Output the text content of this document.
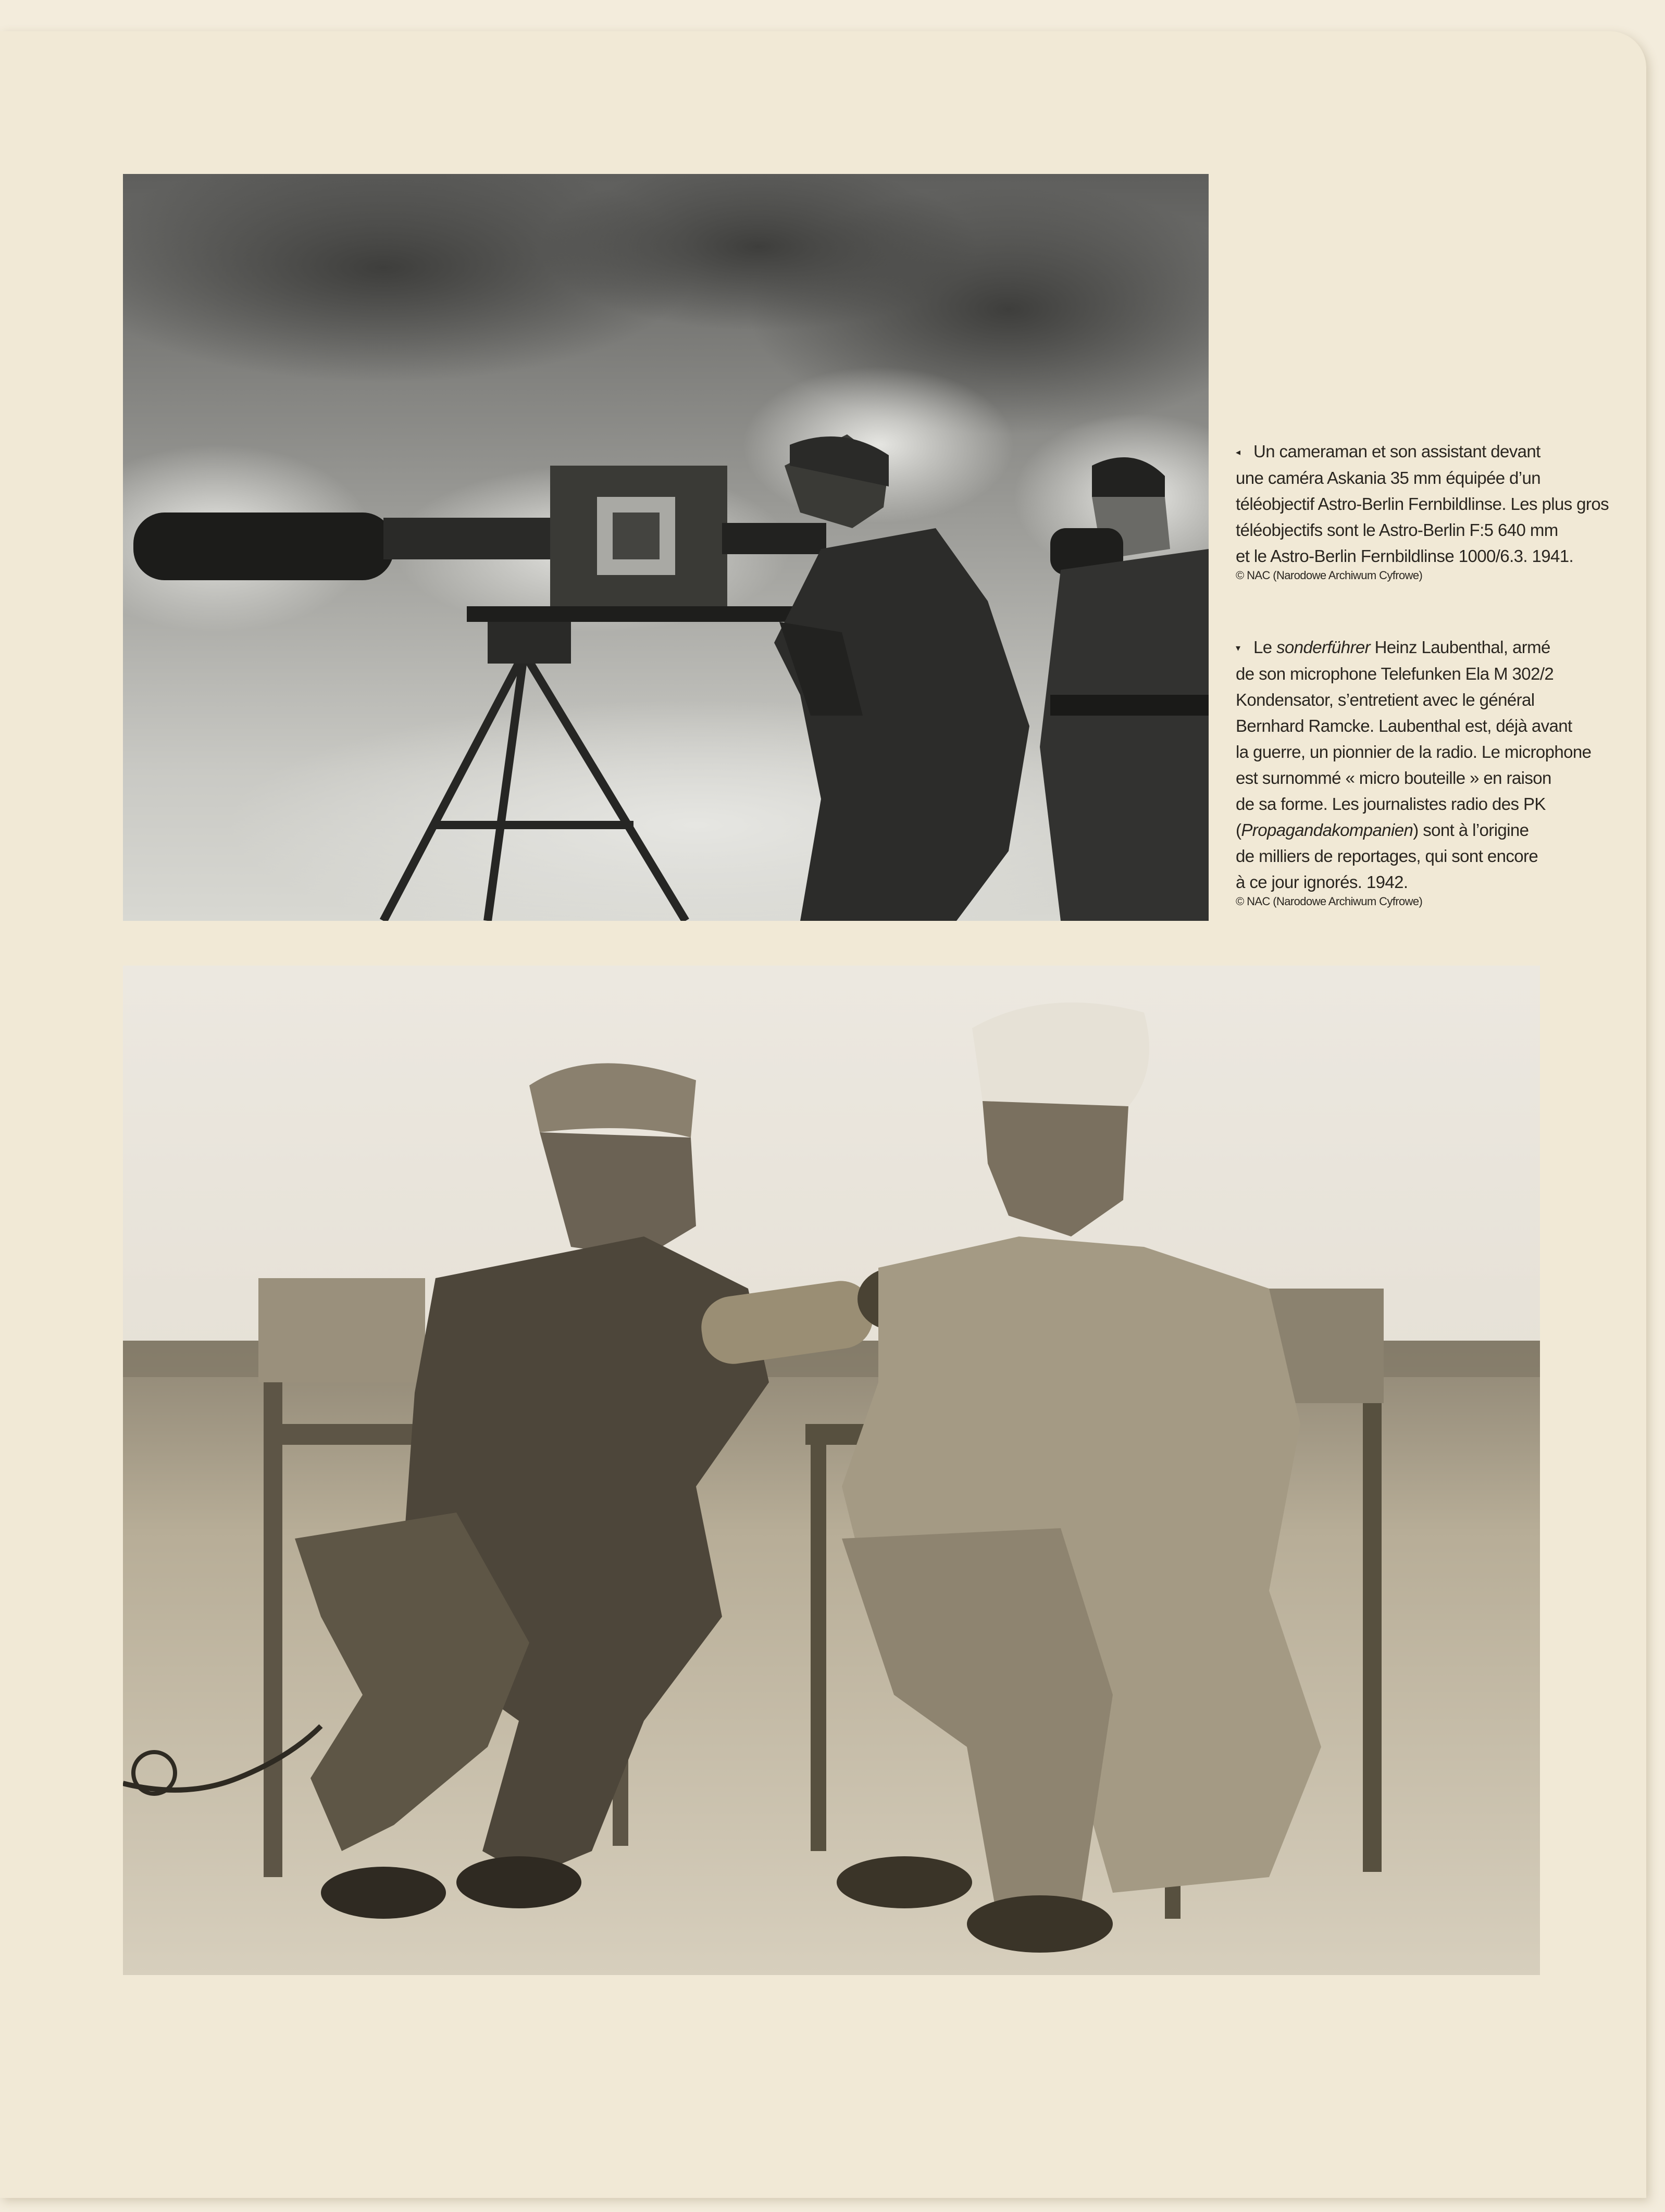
◂ Un cameraman et son assistant devant
une caméra Askania 35 mm équipée d’un
téléobjectif Astro-Berlin Fernbildlinse. Les plus gros
téléobjectifs sont le Astro-Berlin F:5 640 mm
et le Astro-Berlin Fernbildlinse 1000/6.3. 1941.
© NAC (Narodowe Archiwum Cyfrowe)
▾ Le sonderführer Heinz Laubenthal, armé
de son microphone Telefunken Ela M 302/2
Kondensator, s’entretient avec le général
Bernhard Ramcke. Laubenthal est, déjà avant
la guerre, un pionnier de la radio. Le microphone
est surnommé « micro bouteille » en raison
de sa forme. Les journalistes radio des PK
(Propagandakompanien) sont à l’origine
de milliers de reportages, qui sont encore
à ce jour ignorés. 1942.
© NAC (Narodowe Archiwum Cyfrowe)
